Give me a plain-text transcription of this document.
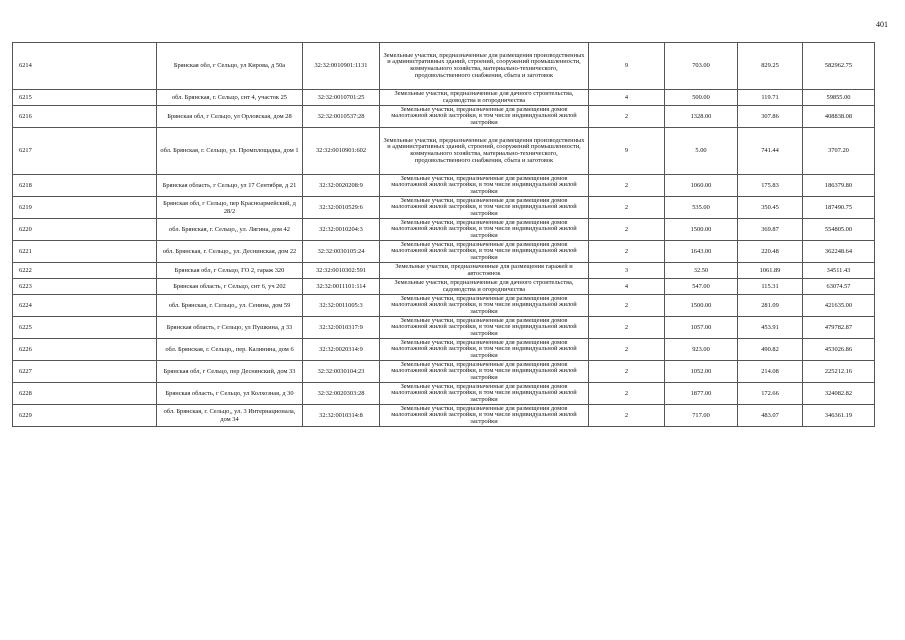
401
6214	Брянская обл, г Сельцо, ул Кирова, д 50а	32:32:0010901:1131	Земельные участки, предназначенные для размещения производственных и административных зданий, строений, сооружений промышленности, коммунального хозяйства, материально-технического, продовольственного снабжения, сбыта и заготовок	9	703.00	829.25	582962.75
6215	обл. Брянская, г. Сельцо, снт 4, участок 25	32:32:0010701:25	Земельные участки, предназначенные для дачного строительства, садоводства и огородничества	4	500.00	119.71	59855.00
6216	Брянская обл, г Сельцо, ул Орловская, дом 28	32:32:0010537:28	Земельные участки, предназначенные для размещения домов малоэтажной жилой застройки, в том числе индивидуальной жилой застройки	2	1328.00	307.86	408838.08
6217	обл. Брянская, г. Сельцо, ул. Промплощадка, дом 1	32:32:0010901:602	Земельные участки, предназначенные для размещения производственных и административных зданий, строений, сооружений промышленности, коммунального хозяйства, материально-технического, продовольственного снабжения, сбыта и заготовок	9	5.00	741.44	3707.20
6218	Брянская область, г Сельцо, ул 17 Сентября, д 21	32:32:0020208:9	Земельные участки, предназначенные для размещения домов малоэтажной жилой застройки, в том числе индивидуальной жилой застройки	2	1060.00	175.83	186379.80
6219	Брянская обл, г Сельцо, пер Красноармейский, д 28/2	32:32:0010529:6	Земельные участки, предназначенные для размещения домов малоэтажной жилой застройки, в том числе индивидуальной жилой застройки	2	535.00	350.45	187490.75
6220	обл. Брянская, г. Сельцо,, ул. Лягина, дом 42	32:32:0010204:3	Земельные участки, предназначенные для размещения домов малоэтажной жилой застройки, в том числе индивидуальной жилой застройки	2	1500.00	369.87	554805.00
6221	обл. Брянская, г. Сельцо,, ул. Деснинская, дом 22	32:32:0030105:24	Земельные участки, предназначенные для размещения домов малоэтажной жилой застройки, в том числе индивидуальной жилой застройки	2	1643.00	220.48	362248.64
6222	Брянская обл, г Сельцо, ГО 2, гараж 320	32:32:0010302:591	Земельные участки, предназначенные для размещения гаражей и автостоянок	3	32.50	1061.89	34511.43
6223	Брянская область, г Сельцо, снт 6, уч 202	32:32:0011101:114	Земельные участки, предназначенные для дачного строительства, садоводства и огородничества	4	547.00	115.31	63074.57
6224	обл. Брянская, г. Сельцо,, ул. Сенина, дом 59	32:32:0011005:3	Земельные участки, предназначенные для размещения домов малоэтажной жилой застройки, в том числе индивидуальной жилой застройки	2	1500.00	281.09	421635.00
6225	Брянская область, г Сельцо, ул Пушкина, д 33	32:32:0010317:9	Земельные участки, предназначенные для размещения домов малоэтажной жилой застройки, в том числе индивидуальной жилой застройки	2	1057.00	453.91	479782.87
6226	обл. Брянская, г. Сельцо,, пер. Калинина, дом 6	32:32:0020314:9	Земельные участки, предназначенные для размещения домов малоэтажной жилой застройки, в том числе индивидуальной жилой застройки	2	923.00	490.82	453026.86
6227	Брянская обл, г Сельцо, пер Деснянский, дом 33	32:32:0030104:23	Земельные участки, предназначенные для размещения домов малоэтажной жилой застройки, в том числе индивидуальной жилой застройки	2	1052.00	214.08	225212.16
6228	Брянская область, г Сельцо, ул Колхозная, д 30	32:32:0020303:28	Земельные участки, предназначенные для размещения домов малоэтажной жилой застройки, в том числе индивидуальной жилой застройки	2	1877.00	172.66	324082.82
6229	обл. Брянская, г. Сельцо,, ул. 3 Интернационала, дом 34	32:32:0010314:8	Земельные участки, предназначенные для размещения домов малоэтажной жилой застройки, в том числе индивидуальной жилой застройки	2	717.00	483.07	346361.19
